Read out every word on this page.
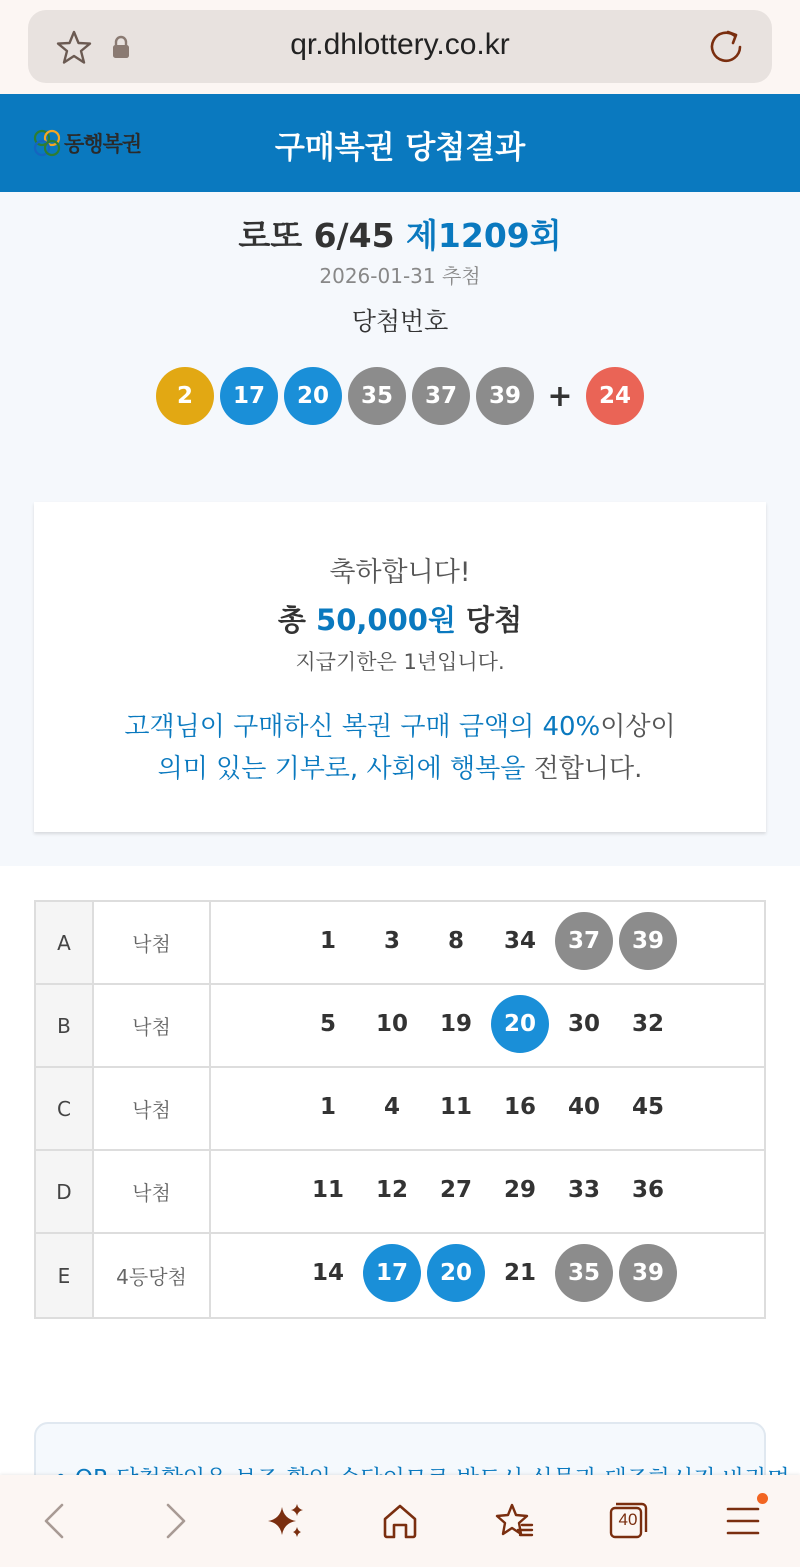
qr.dhlottery.co.kr
동행복권	구매복권 당첨결과
로또 6/45 제1209회
2026-01-31 추첨
당첨번호
2	17	20	35	37	39 +	24
축하합니다!
총 50,000원 당첨
지급기한은 1년입니다.
고객님이 구매하신 복권 구매 금액의 40%이상이
의미 있는 기부로, 사회에 행복을 전합니다.
A	낙첨	1	3	8	34	37	39
B	낙첨	5	10	19	20	30	32
C	낙첨	1	4	11	16	40	45
D	낙첨	11	12	27	29	33	36
E	4등당첨	14	17	20	21	35	39
40
